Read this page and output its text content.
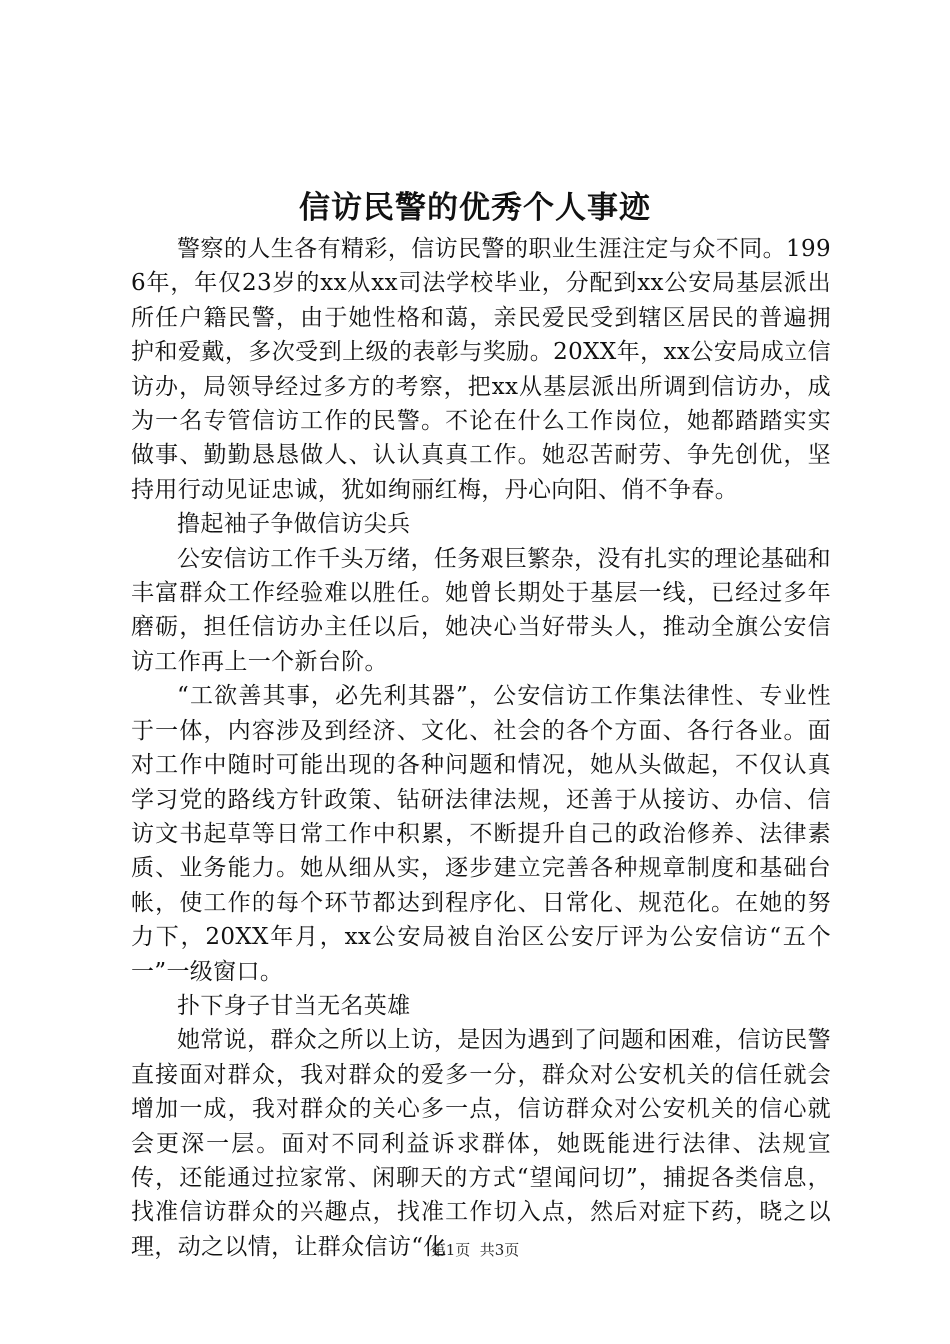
信访民警的优秀个人事迹

警察的人生各有精彩，信访民警的职业生涯注定与众不同。1996年，年仅23岁的xx从xx司法学校毕业，分配到xx公安局基层派出所任户籍民警，由于她性格和蔼，亲民爱民受到辖区居民的普遍拥护和爱戴，多次受到上级的表彰与奖励。20XX年，xx公安局成立信访办，局领导经过多方的考察，把xx从基层派出所调到信访办，成为一名专管信访工作的民警。不论在什么工作岗位，她都踏踏实实做事、勤勤恳恳做人、认认真真工作。她忍苦耐劳、争先创优，坚持用行动见证忠诚，犹如绚丽红梅，丹心向阳、俏不争春。

撸起袖子争做信访尖兵

公安信访工作千头万绪，任务艰巨繁杂，没有扎实的理论基础和丰富群众工作经验难以胜任。她曾长期处于基层一线，已经过多年磨砺，担任信访办主任以后，她决心当好带头人，推动全旗公安信访工作再上一个新台阶。

“工欲善其事，必先利其器”，公安信访工作集法律性、专业性于一体，内容涉及到经济、文化、社会的各个方面、各行各业。面对工作中随时可能出现的各种问题和情况，她从头做起，不仅认真学习党的路线方针政策、钻研法律法规，还善于从接访、办信、信访文书起草等日常工作中积累，不断提升自己的政治修养、法律素质、业务能力。她从细从实，逐步建立完善各种规章制度和基础台帐，使工作的每个环节都达到程序化、日常化、规范化。在她的努力下，20XX年月，xx公安局被自治区公安厅评为公安信访“五个一”一级窗口。

扑下身子甘当无名英雄

她常说，群众之所以上访，是因为遇到了问题和困难，信访民警直接面对群众，我对群众的爱多一分，群众对公安机关的信任就会增加一成，我对群众的关心多一点，信访群众对公安机关的信心就会更深一层。面对不同利益诉求群体，她既能进行法律、法规宣传，还能通过拉家常、闲聊天的方式“望闻问切”，捕捉各类信息，找准信访群众的兴趣点，找准工作切入点，然后对症下药，晓之以理，动之以情，让群众信访“化

第1页  共3页
